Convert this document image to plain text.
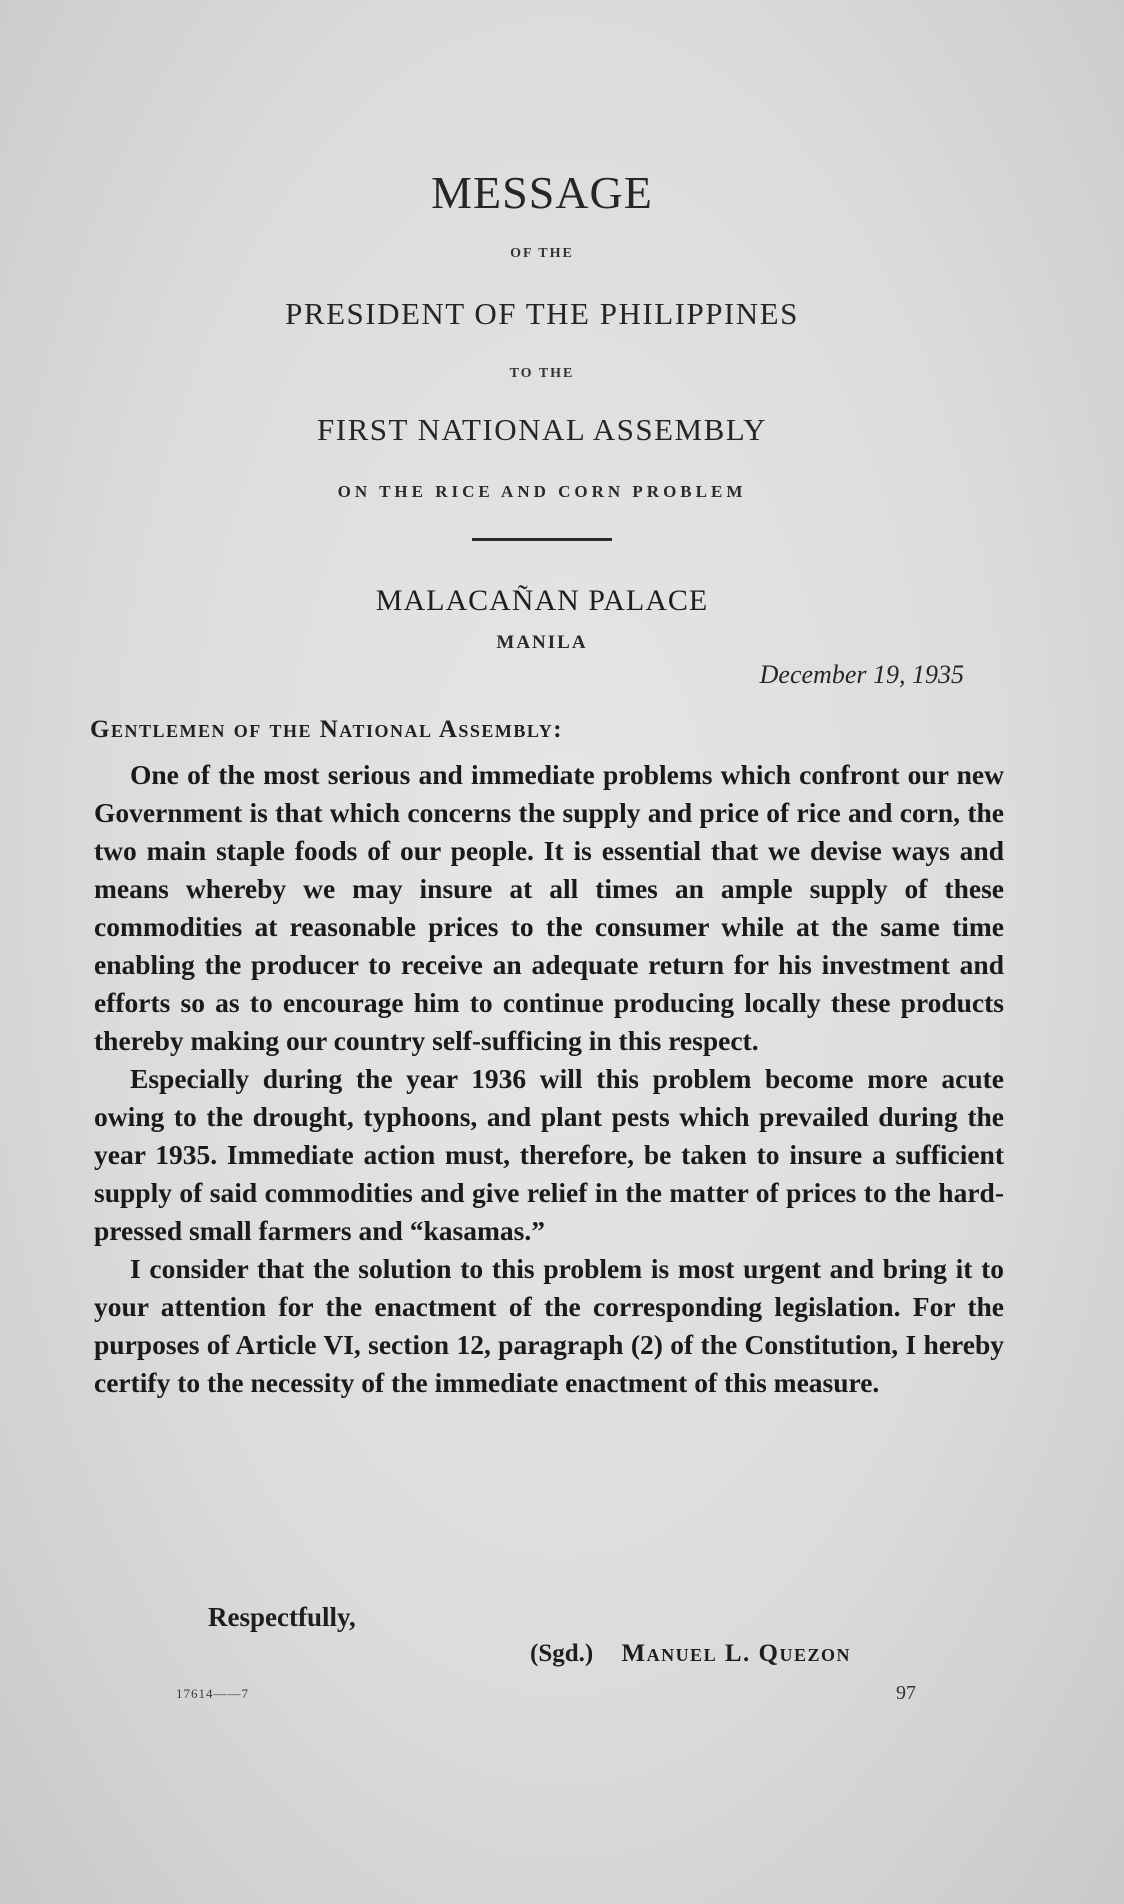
MESSAGE
OF THE
PRESIDENT OF THE PHILIPPINES
TO THE
FIRST NATIONAL ASSEMBLY
ON THE RICE AND CORN PROBLEM
MALACAÑAN PALACE
MANILA
December 19, 1935
Gentlemen of the National Assembly:

One of the most serious and immediate problems which confront our new Government is that which concerns the supply and price of rice and corn, the two main staple foods of our people. It is essential that we devise ways and means whereby we may insure at all times an ample supply of these commodities at reasonable prices to the consumer while at the same time enabling the producer to receive an adequate return for his investment and efforts so as to encourage him to continue producing locally these products thereby making our country self-sufficing in this respect.

Especially during the year 1936 will this problem become more acute owing to the drought, typhoons, and plant pests which prevailed during the year 1935. Immediate action must, therefore, be taken to insure a sufficient supply of said commodities and give relief in the matter of prices to the hard-pressed small farmers and “kasamas.”

I consider that the solution to this problem is most urgent and bring it to your attention for the enactment of the corresponding legislation. For the purposes of Article VI, section 12, paragraph (2) of the Constitution, I hereby certify to the necessity of the immediate enactment of this measure.

Respectfully,
(Sgd.) Manuel L. Quezon
17614——7	97
